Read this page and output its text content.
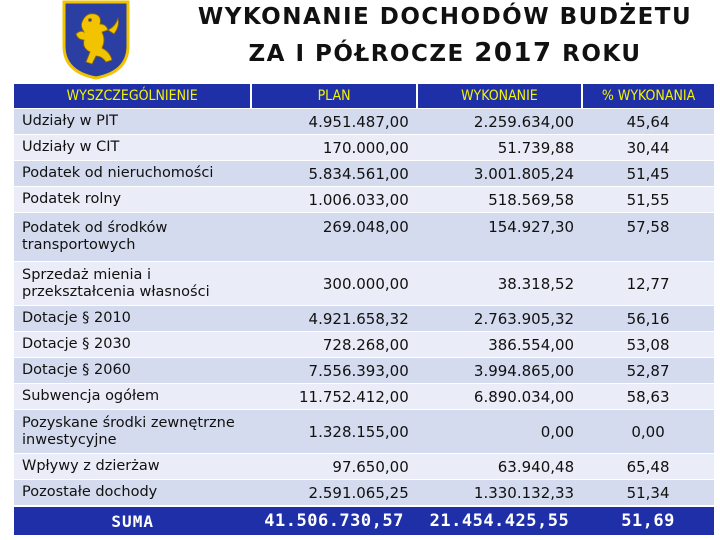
WYKONANIE DOCHODÓW BUDŻETU
ZA I PÓŁROCZE 2017 ROKU
WYSZCZEGÓLNIENIE	PLAN	WYKONANIE	% WYKONANIA
Udziały w PIT	4.951.487,00	2.259.634,00	45,64
Udziały w CIT	170.000,00	51.739,88	30,44
Podatek od nieruchomości	5.834.561,00	3.001.805,24	51,45
Podatek rolny	1.006.033,00	518.569,58	51,55
Podatek od środków transportowych	269.048,00	154.927,30	57,58
Sprzedaż mienia i przekształcenia własności	300.000,00	38.318,52	12,77
Dotacje § 2010	4.921.658,32	2.763.905,32	56,16
Dotacje § 2030	728.268,00	386.554,00	53,08
Dotacje § 2060	7.556.393,00	3.994.865,00	52,87
Subwencja ogółem	11.752.412,00	6.890.034,00	58,63
Pozyskane środki zewnętrzne inwestycyjne	1.328.155,00	0,00	0,00
Wpływy z dzierżaw	97.650,00	63.940,48	65,48
Pozostałe dochody	2.591.065,25	1.330.132,33	51,34
SUMA	41.506.730,57	21.454.425,55	51,69
